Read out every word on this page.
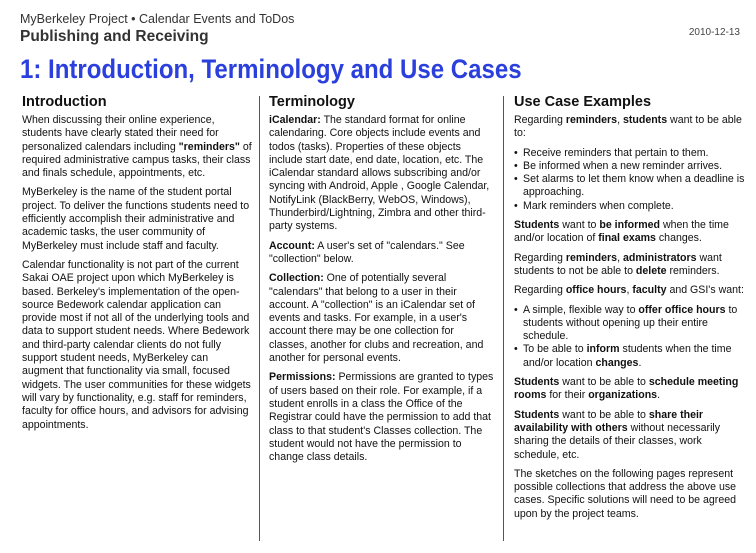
MyBerkeley Project • Calendar Events and ToDos
Publishing and Receiving	2010-12-13
1: Introduction, Terminology and Use Cases
Introduction

When discussing their online experience, students have clearly stated their need for personalized calendars including "reminders" of required administrative campus tasks, their class and finals schedule, appointments, etc.

MyBerkeley is the name of the student portal project. To deliver the functions students need to efficiently accomplish their administrative and academic tasks, the user community of MyBerkeley must include staff and faculty.

Calendar functionality is not part of the current Sakai OAE project upon which MyBerkeley is based. Berkeley's implementation of the open-source Bedework calendar application can provide most if not all of the underlying tools and data to support student needs. Where Bedework and third-party calendar clients do not fully support student needs, MyBerkeley can augment that functionality via small, focused widgets. The user communities for these widgets will vary by functionality, e.g. staff for reminders, faculty for office hours, and advisors for advising appointments.

Terminology

iCalendar: The standard format for online calendaring. Core objects include events and todos (tasks). Properties of these objects include start date, end date, location, etc. The iCalendar standard allows subscribing and/or syncing with Android, Apple , Google Calendar, NotifyLink (BlackBerry, WebOS, Windows), Thunderbird/Lightning, Zimbra and other third-party systems.

Account: A user's set of "calendars." See "collection" below.

Collection: One of potentially several "calendars" that belong to a user in their account. A "collection" is an iCalendar set of events and tasks. For example, in a user's account there may be one collection for classes, another for clubs and recreation, and another for personal events.

Permissions: Permissions are granted to types of users based on their role. For example, if a student enrolls in a class the Office of the Registrar could have the permission to add that class to that student's Classes collection. The student would not have the permission to change class details.

Use Case Examples

Regarding reminders, students want to be able to:

• Receive reminders that pertain to them.
• Be informed when a new reminder arrives.
• Set alarms to let them know when a deadline is approaching.
• Mark reminders when complete.

Students want to be informed when the time and/or location of final exams changes.

Regarding reminders, administrators want students to not be able to delete reminders.

Regarding office hours, faculty and GSI's want:

• A simple, flexible way to offer office hours to students without opening up their entire schedule.
• To be able to inform students when the time and/or location changes.

Students want to be able to schedule meeting rooms for their organizations.

Students want to be able to share their availability with others without necessarily sharing the details of their classes, work schedule, etc.

The sketches on the following pages represent possible collections that address the above use cases. Specific solutions will need to be agreed upon by the project teams.
